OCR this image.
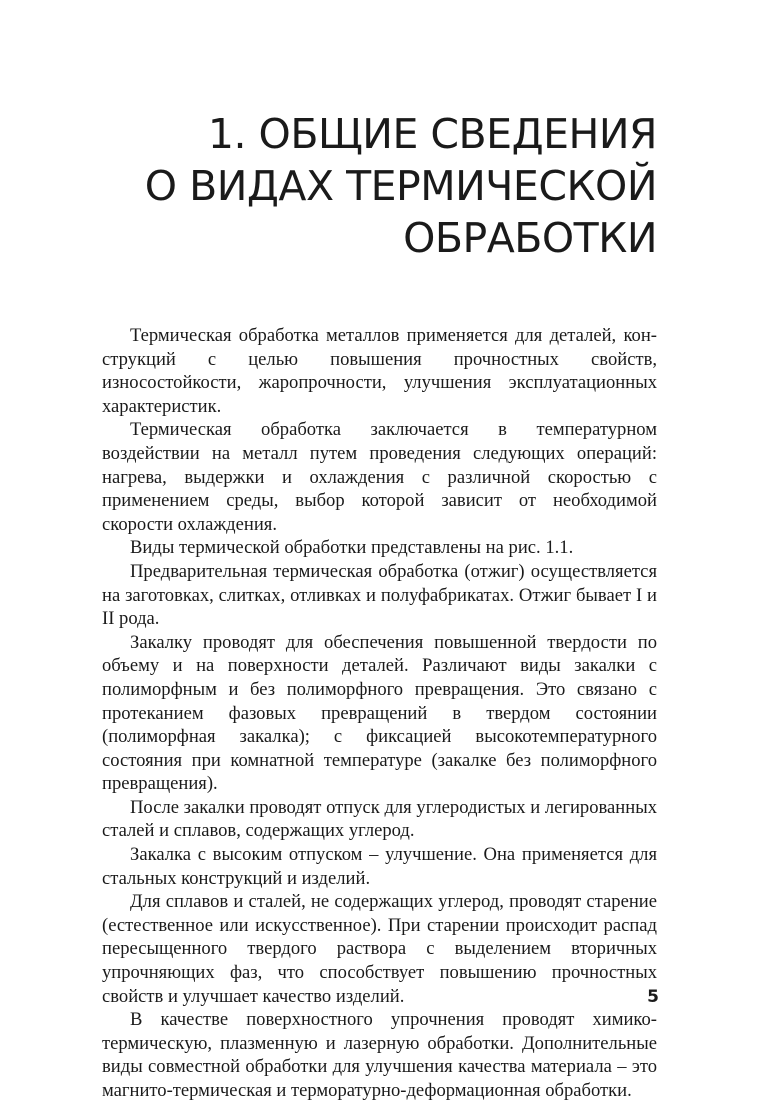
1. ОБЩИЕ СВЕДЕНИЯ
О ВИДАХ ТЕРМИЧЕСКОЙ
ОБРАБОТКИ

Термическая обработка металлов применяется для деталей, конструкций с целью повышения прочностных свойств, износостойкости, жаропрочности, улучшения эксплуатационных характеристик.

Термическая обработка заключается в температурном воздействии на металл путем проведения следующих операций: нагрева, выдержки и охлаждения с различной скоростью с применением среды, выбор которой зависит от необходимой скорости охлаждения.

Виды термической обработки представлены на рис. 1.1.

Предварительная термическая обработка (отжиг) осуществляется на заготовках, слитках, отливках и полуфабрикатах. Отжиг бывает I и II рода.

Закалку проводят для обеспечения повышенной твердости по объему и на поверхности деталей. Различают виды закалки с полиморфным и без полиморфного превращения. Это связано с протеканием фазовых превращений в твердом состоянии (полиморфная закалка); с фиксацией высокотемпературного состояния при комнатной температуре (закалке без полиморфного превращения).

После закалки проводят отпуск для углеродистых и легированных сталей и сплавов, содержащих углерод.

Закалка с высоким отпуском – улучшение. Она применяется для стальных конструкций и изделий.

Для сплавов и сталей, не содержащих углерод, проводят старение (естественное или искусственное). При старении происходит распад пересыщенного твердого раствора с выделением вторичных упрочняющих фаз, что способствует повышению прочностных свойств и улучшает качество изделий.

В качестве поверхностного упрочнения проводят химико-термическую, плазменную и лазерную обработки. Дополнительные виды совместной обработки для улучшения качества материала – это магнито-термическая и терморатурно-деформационная обработки.

5
